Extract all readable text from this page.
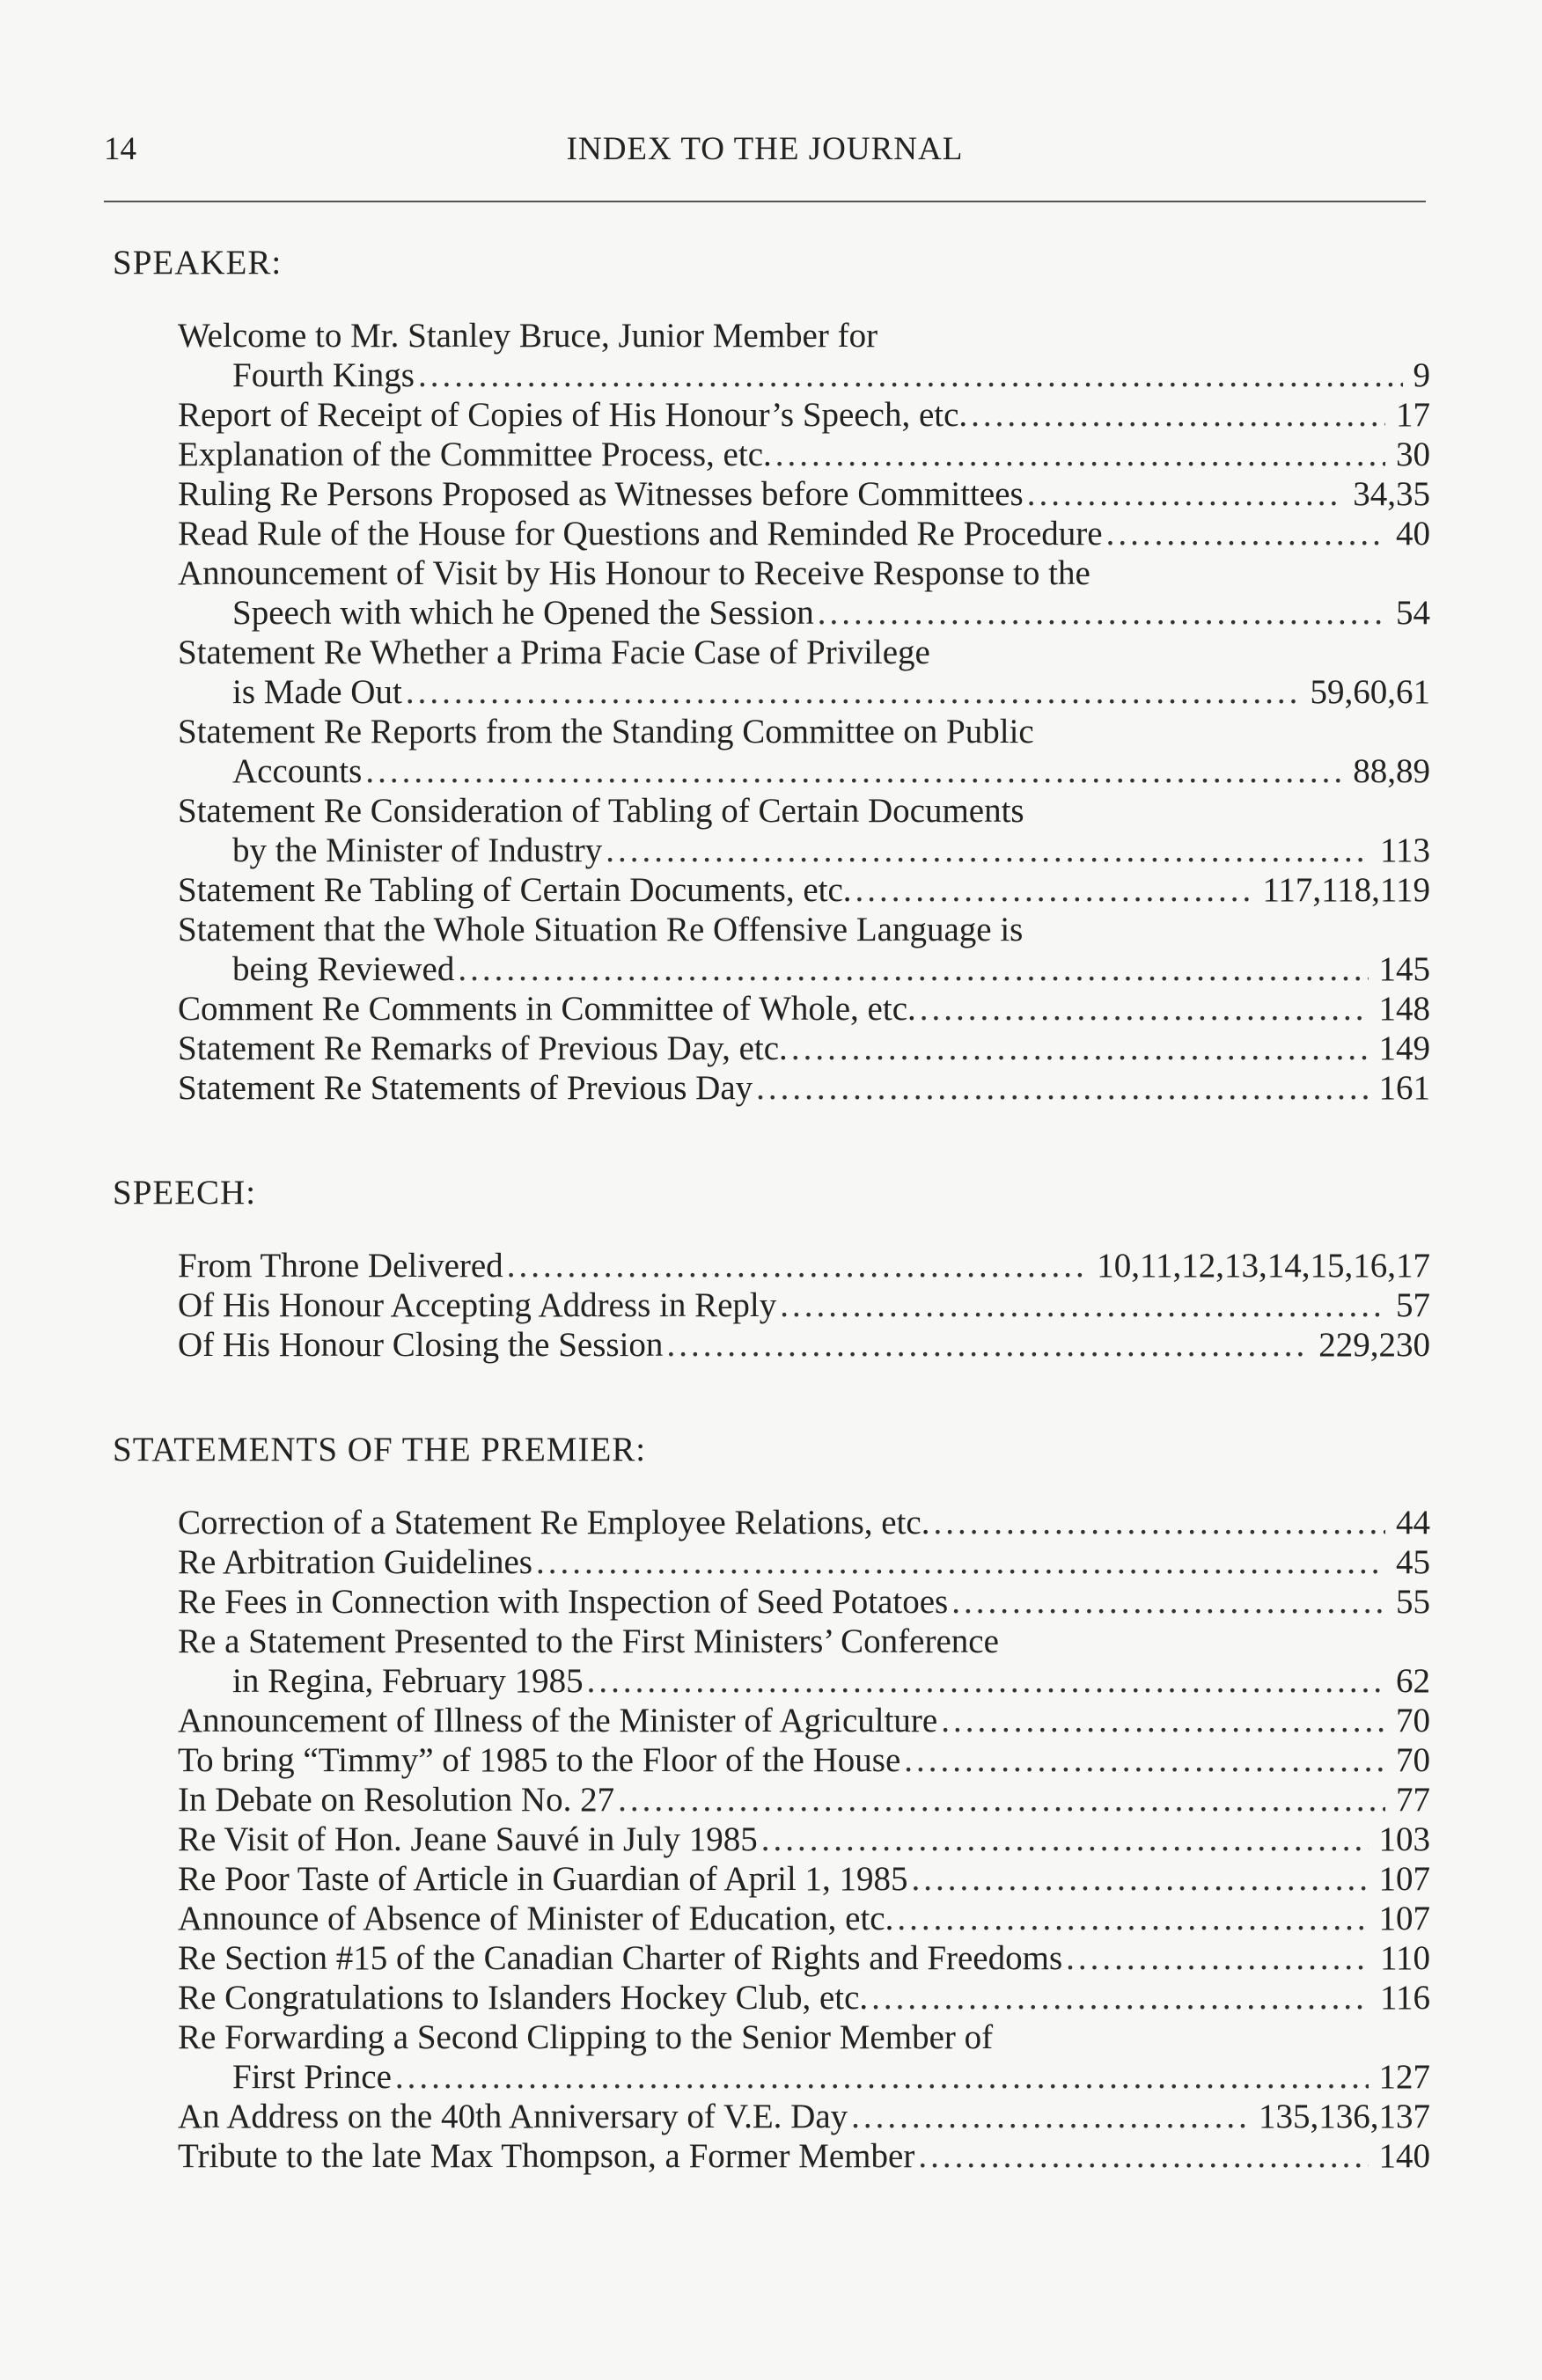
14	INDEX TO THE JOURNAL
SPEAKER:
Welcome to Mr. Stanley Bruce, Junior Member for
Fourth Kings .....	9
Report of Receipt of Copies of His Honour’s Speech, etc. .....	17
Explanation of the Committee Process, etc. .....	30
Ruling Re Persons Proposed as Witnesses before Committees .....	34,35
Read Rule of the House for Questions and Reminded Re Procedure .....	40
Announcement of Visit by His Honour to Receive Response to the
Speech with which he Opened the Session .....	54
Statement Re Whether a Prima Facie Case of Privilege
is Made Out .....	59,60,61
Statement Re Reports from the Standing Committee on Public
Accounts .....	88,89
Statement Re Consideration of Tabling of Certain Documents
by the Minister of Industry .....	113
Statement Re Tabling of Certain Documents, etc. .....	117,118,119
Statement that the Whole Situation Re Offensive Language is
being Reviewed .....	145
Comment Re Comments in Committee of Whole, etc. .....	148
Statement Re Remarks of Previous Day, etc. .....	149
Statement Re Statements of Previous Day .....	161
SPEECH:
From Throne Delivered .....	10,11,12,13,14,15,16,17
Of His Honour Accepting Address in Reply .....	57
Of His Honour Closing the Session .....	229,230
STATEMENTS OF THE PREMIER:
Correction of a Statement Re Employee Relations, etc. .....	44
Re Arbitration Guidelines .....	45
Re Fees in Connection with Inspection of Seed Potatoes .....	55
Re a Statement Presented to the First Ministers’ Conference
in Regina, February 1985 .....	62
Announcement of Illness of the Minister of Agriculture .....	70
To bring “Timmy” of 1985 to the Floor of the House .....	70
In Debate on Resolution No. 27 .....	77
Re Visit of Hon. Jeane Sauvé in July 1985 .....	103
Re Poor Taste of Article in Guardian of April 1, 1985 .....	107
Announce of Absence of Minister of Education, etc. .....	107
Re Section #15 of the Canadian Charter of Rights and Freedoms .....	110
Re Congratulations to Islanders Hockey Club, etc. .....	116
Re Forwarding a Second Clipping to the Senior Member of
First Prince .....	127
An Address on the 40th Anniversary of V.E. Day .....	135,136,137
Tribute to the late Max Thompson, a Former Member .....	140
